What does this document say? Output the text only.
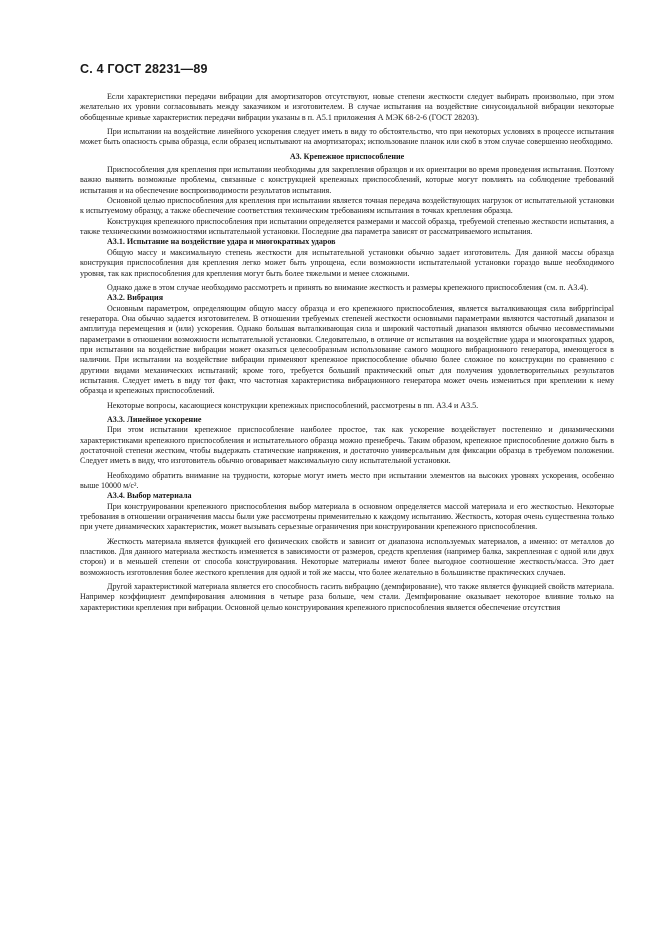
С. 4 ГОСТ 28231—89

Если характеристики передачи вибрации для амортизаторов отсутствуют, новые степени жесткости следует выбирать произвольно, при этом желательно их уровни согласовывать между заказчиком и изготовителем. В случае испытания на воздействие синусоидальной вибрации некоторые обобщенные кривые характеристик передачи вибрации указаны в п. А5.1 приложения А МЭК 68-2-6 (ГОСТ 28203).

При испытании на воздействие линейного ускорения следует иметь в виду то обстоятельство, что при некоторых условиях в процессе испытания может быть опасность срыва образца, если образец испытывают на амортизаторах; использование планок или скоб в этом случае совершенно необходимо.

А3. Крепежное приспособление

Приспособления для крепления при испытании необходимы для закрепления образцов и их ориентации во время проведения испытания. Поэтому важно выявить возможные проблемы, связанные с конструкцией крепежных приспособлений, которые могут повлиять на соблюдение требований испытания и на обеспечение воспроизводимости результатов испытания.

Основной целью приспособления для крепления при испытании является точная передача воздействующих нагрузок от испытательной установки к испытуемому образцу, а также обеспечение соответствия техническим требованиям испытания в точках крепления образца.

Конструкция крепежного приспособления при испытании определяется размерами и массой образца, требуемой степенью жесткости испытания, а также техническими возможностями испытательной установки. Последние два параметра зависят от рассматриваемого испытания.

А3.1. Испытание на воздействие удара и многократных ударов

Общую массу и максимальную степень жесткости для испытательной установки обычно задает изготовитель. Для данной массы образца конструкция приспособления для крепления легко может быть упрощена, если возможности испытательной установки гораздо выше необходимого уровня, так как приспособления для крепления могут быть более тяжелыми и менее сложными.

Однако даже в этом случае необходимо рассмотреть и принять во внимание жесткость и размеры крепежного приспособления (см. п. А3.4).

А3.2. Вибрация

Основным параметром, определяющим общую массу образца и его крепежного приспособления, является выталкивающая сила вибрprincipal генератора. Она обычно задается изготовителем. В отношении требуемых степеней жесткости основными параметрами являются частотный диапазон и амплитуда перемещения и (или) ускорения. Однако большая выталкивающая сила и широкий частотный диапазон являются обычно несовместимыми параметрами в отношении возможности испытательной установки. Следовательно, в отличие от испытания на воздействие удара и многократных ударов, при испытании на воздействие вибрации может оказаться целесообразным использование самого мощного вибрационного генератора, имеющегося в наличии. При испытании на воздействие вибрации применяют крепежное приспособление обычно более сложное по конструкции по сравнению с другими видами механических испытаний; кроме того, требуется больший практический опыт для получения удовлетворительных результатов испытания. Следует иметь в виду тот факт, что частотная характеристика вибрационного генератора может очень измениться при креплении к нему образца и крепежных приспособлений.

Некоторые вопросы, касающиеся конструкции крепежных приспособлений, рассмотрены в пп. А3.4 и А3.5.

А3.3. Линейное ускорение

При этом испытании крепежное приспособление наиболее простое, так как ускорение воздействует постепенно и динамическими характеристиками крепежного приспособления и испытательного образца можно пренебречь. Таким образом, крепежное приспособление должно быть в достаточной степени жестким, чтобы выдержать статические напряжения, и достаточно универсальным для фиксации образца в требуемом положении. Следует иметь в виду, что изготовитель обычно оговаривает максимальную силу испытательной установки.

Необходимо обратить внимание на трудности, которые могут иметь место при испытании элементов на высоких уровнях ускорения, особенно выше 10000 м/с².

А3.4. Выбор материала

При конструировании крепежного приспособления выбор материала в основном определяется массой материала и его жесткостью. Некоторые требования в отношении ограничения массы были уже рассмотрены применительно к каждому испытанию. Жесткость, которая очень существенна только при учете динамических характеристик, может вызывать серьезные ограничения при конструировании крепежного приспособления.

Жесткость материала является функцией его физических свойств и зависит от диапазона используемых материалов, а именно: от металлов до пластиков. Для данного материала жесткость изменяется в зависимости от размеров, средств крепления (например балка, закрепленная с одной или двух сторон) и в меньшей степени от способа конструирования. Некоторые материалы имеют более выгодное соотношение жесткость/масса. Это дает возможность изготовления более жесткого крепления для одной и той же массы, что более желательно в большинстве практических случаев.

Другой характеристикой материала является его способность гасить вибрацию (демпфирование), что также является функцией свойств материала. Например коэффициент демпфирования алюминия в четыре раза больше, чем стали. Демпфирование оказывает некоторое влияние только на характеристики крепления при вибрации. Основной целью конструирования крепежного приспособления является обеспечение отсутствия
